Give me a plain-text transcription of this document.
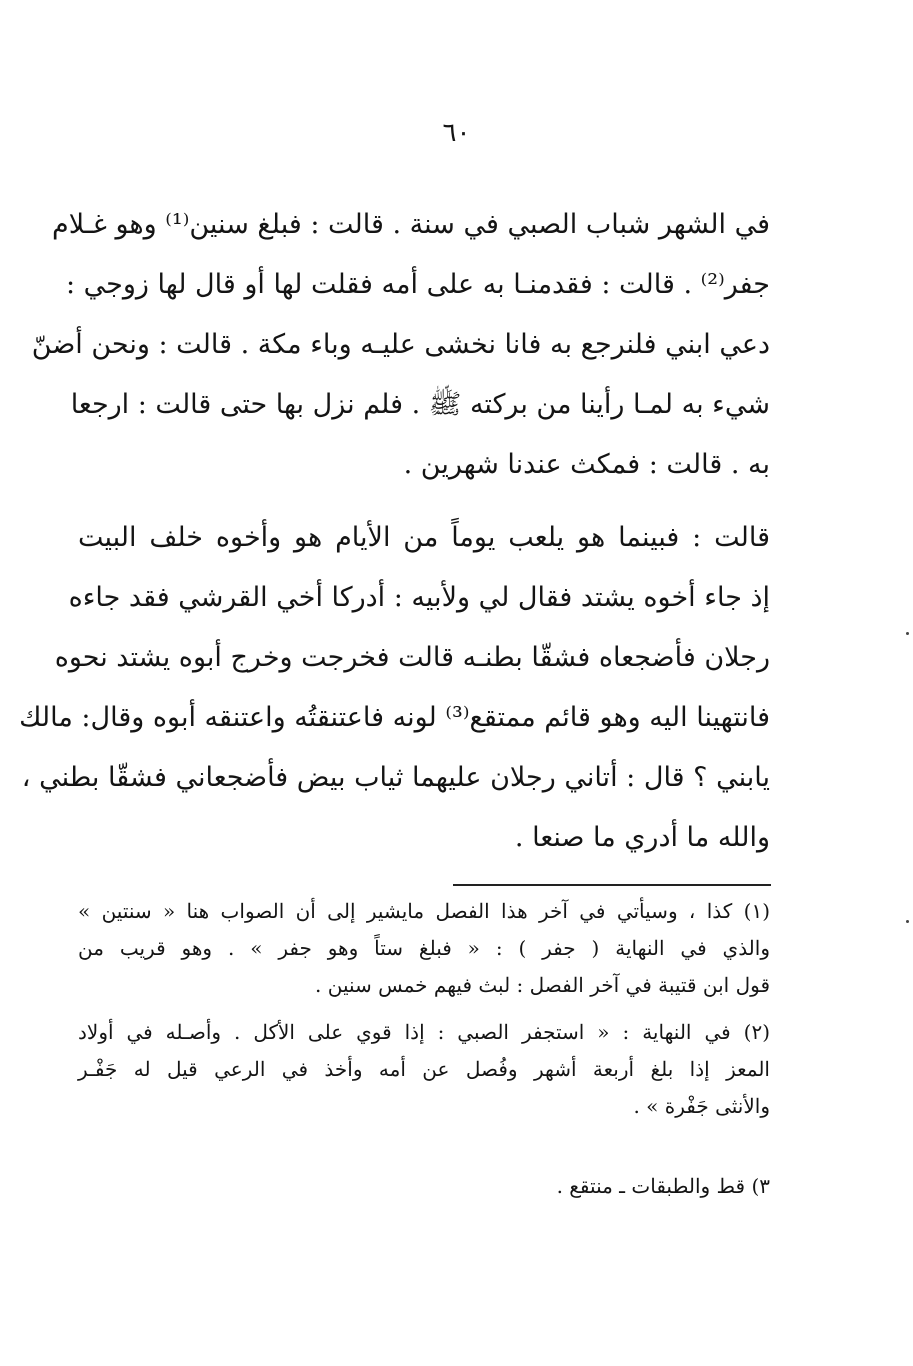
٦٠
في الشهر شباب الصبي في سنة . قالت : فبلغ سنين⁽¹⁾ وهو غـلام
جفر⁽²⁾ . قالت : فقدمنـا به على أمه فقلت لها أو قال لها زوجي :
دعي ابني فلنرجع به فانا نخشى عليـه وباء مكة . قالت : ونحن أضنّ
شيء به لمـا رأينا من بركته ﷺ . فلم نزل بها حتى قالت : ارجعا
به . قالت : فمكث عندنا شهرين .
قالت : فبينما هو يلعب يوماً من الأيام هو وأخوه خلف البيت
إذ جاء أخوه يشتد فقال لي ولأبيه : أدركا أخي القرشي فقد جاءه
رجلان فأضجعاه فشقّا بطنـه قالت فخرجت وخرج أبوه يشتد نحوه
فانتهينا اليه وهو قائم ممتقع⁽³⁾ لونه فاعتنقتُه واعتنقه أبوه وقال: مالك
يابني ؟ قال : أتاني رجلان عليهما ثياب بيض فأضجعاني فشقّا بطني ،
والله ما أدري ما صنعا .
(١) كذا ، وسيأتي في آخر هذا الفصل مايشير إلى أن الصواب هنا « سنتين »
والذي في النهاية ( جفر ) : « فبلغ ستاً وهو جفر » . وهو قريب من
قول ابن قتيبة في آخر الفصل : لبث فيهم خمس سنين .
(٢) في النهاية : « استجفر الصبي : إذا قوي على الأكل . وأصـله في أولاد
المعز إذا بلغ أربعة أشهر وفُصل عن أمه وأخذ في الرعي قيل له جَفْـر
والأنثى جَفْرة » .
٣) قط والطبقات ـ منتقع .
